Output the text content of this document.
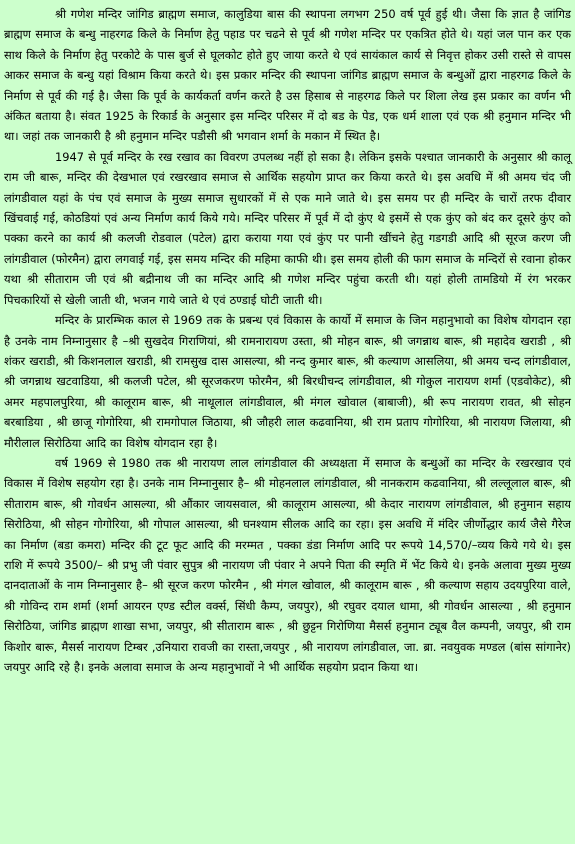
श्री गणेश मन्दिर जांगिड ब्राह्मण समाज, कालुडिया बास की स्थापना लगभग 250 वर्ष पूर्व हुई थी। जैसा कि ज्ञात है जांगिड ब्राह्मण समाज के बन्धु नाहरगढ किले के निर्माण हेतु पहाड पर चढने से पूर्व श्री गणेश मन्दिर पर एकत्रित होते थे। यहां जल पान कर एक साथ किले के निर्माण हेतु परकोटे के पास बुर्ज से घूलकोट होते हुए जाया करते थे एवं सायंकाल कार्य से निवृत्त होकर उसी रास्ते से वापस आकर समाज के बन्धु यहां विश्राम किया करते थे। इस प्रकार मन्दिर की स्थापना जांगिड ब्राह्मण समाज के बन्धुओं द्वारा नाहरगढ किले के निर्माण से पूर्व की गई है। जैसा कि पूर्व के कार्यकर्ता वर्णन करते है उस हिसाब से नाहरगढ किले पर शिला लेख इस प्रकार का वर्णन भी अंकित बताया है। संवत 1925 के रिकार्ड के अनुसार इस मन्दिर परिसर में दो बड के पेड, एक धर्म शाला एवं एक श्री हनुमान मन्दिर भी था। जहां तक जानकारी है श्री हनुमान मन्दिर पडौसी श्री भगवान शर्मा के मकान में स्थित है।

1947 से पूर्व मन्दिर के रख रखाव का विवरण उपलब्ध नहीं हो सका है। लेकिन इसके पश्चात जानकारी के अनुसार श्री कालू राम जी बारू, मन्दिर की देखभाल एवं रखरखाव समाज से आर्थिक सहयोग प्राप्त कर किया करते थे। इस अवधि में श्री अमय चंद जी लांगडीवाल यहां के पंच एवं समाज के मुख्य समाज सुधारकों में से एक माने जाते थे। इस समय पर ही मन्दिर के चारों तरफ दीवार खिंचवाई गई, कोठडियां एवं अन्य निर्माण कार्य किये गये। मन्दिर परिसर में पूर्व में दो कुंए थे इसमें से एक कुंए को बंद कर दूसरे कुंए को पक्का करने का कार्य श्री कलजी रोडवाल (पटेल) द्वारा कराया गया एवं कुंए पर पानी खींचने हेतु गडगडी आदि श्री सूरज करण जी लांगडीवाल (फोरमैन) द्वारा लगवाई गई, इस समय मन्दिर की महिमा काफी थी। इस समय होली की फाग समाज के मन्दिरों से रवाना होकर यथा श्री सीताराम जी एवं श्री बद्रीनाथ जी का मन्दिर आदि श्री गणेश मन्दिर पहुंचा करती थी। यहां होली तामडियो में रंग भरकर पिचकारियों से खेली जाती थी, भजन गाये जाते थे एवं ठण्डाई घोटी जाती थी।

मन्दिर के प्रारम्भिक काल से 1969 तक के प्रबन्ध एवं विकास के कार्यो में समाज के जिन महानुभावो का विशेष योगदान रहा है उनके नाम निम्नानुसार है –श्री सुखदेव गिराणियां, श्री रामनारायण उस्ता, श्री मोहन बारू, श्री जगन्नाथ बारू, श्री महादेव खराडी , श्री शंकर खराडी, श्री किशनलाल खराडी, श्री रामसुख दास आसल्या, श्री नन्द कुमार बारू, श्री कल्याण आसलिया, श्री अमय चन्द लांगडीवाल, श्री जगन्नाथ खटवाडिया, श्री कलजी पटेल, श्री सूरजकरण फोरमैन, श्री बिरधीचन्द लांगडीवाल, श्री गोकुल नारायण शर्मा (एडवोकेट), श्री अमर महपालपुरिया, श्री कालूराम बारू, श्री नाथूलाल लांगडीवाल, श्री मंगल खोवाल (बाबाजी), श्री रूप नारायण रावत, श्री सोहन बरबाडिया , श्री छाजू गोगोरिया, श्री रामगोपाल जिठाया, श्री जौहरी लाल कढवानिया, श्री राम प्रताप गोगोरिया, श्री नारायण जिलाया, श्री मौरीलाल सिरोठिया आदि का विशेष योगदान रहा है।

वर्ष 1969 से 1980 तक श्री नारायण लाल लांगडीवाल की अध्यक्षता में समाज के बन्धुओं का मन्दिर के रखरखाव एवं विकास में विशेष सहयोग रहा है। उनके नाम निम्नानुसार है– श्री मोहनलाल लांगडीवाल, श्री नानकराम कढवानिया, श्री लल्लूलाल बारू, श्री सीताराम बारू, श्री गोवर्धन आसल्या, श्री औंकार जायसवाल, श्री कालूराम आसल्या, श्री केदार नारायण लांगडीवाल, श्री हनुमान सहाय सिरोठिया, श्री सोहन गोगोरिया, श्री गोपाल आसल्या, श्री घनश्याम सीलक आदि का रहा। इस अवधि में मंदिर जीर्णोद्धार कार्य जैसे गैरेज का निर्माण (बडा कमरा) मन्दिर की टूट फूट आदि की मरम्मत , पक्का डंडा निर्माण आदि पर रूपये 14,570/–व्यय किये गये थे। इस राशि में रूपये 3500/– श्री प्रभु जी पंवार सुपुत्र श्री नारायण जी पंवार ने अपने पिता की स्मृति में भेंट किये थे। इनके अलावा मुख्य मुख्य दानदाताओं के नाम निम्नानुसार है– श्री सूरज करण फोरमैन , श्री मंगल खोवाल, श्री कालूराम बारू , श्री कल्याण सहाय उदयपुरिया वाले, श्री गोविन्द राम शर्मा (शर्मा आयरन एण्ड स्टील वर्क्स, सिंधी कैम्प, जयपुर), श्री रघुवर दयाल धामा, श्री गोवर्धन आसल्या , श्री हनुमान सिरोठिया, जांगिड ब्राह्मण शाखा सभा, जयपुर, श्री सीताराम बारू , श्री छुट्टन गिरोणिया मैसर्स हनुमान ट्यूब वैल कम्पनी, जयपुर, श्री राम किशोर बारू, मैसर्स नारायण टिम्बर ,उनियारा रावजी का रास्ता,जयपुर , श्री नारायण लांगडीवाल, जा. ब्रा. नवयुवक मण्डल (बांस सांगानेर) जयपुर आदि रहे है। इनके अलावा समाज के अन्य महानुभावों ने भी आर्थिक सहयोग प्रदान किया था।
